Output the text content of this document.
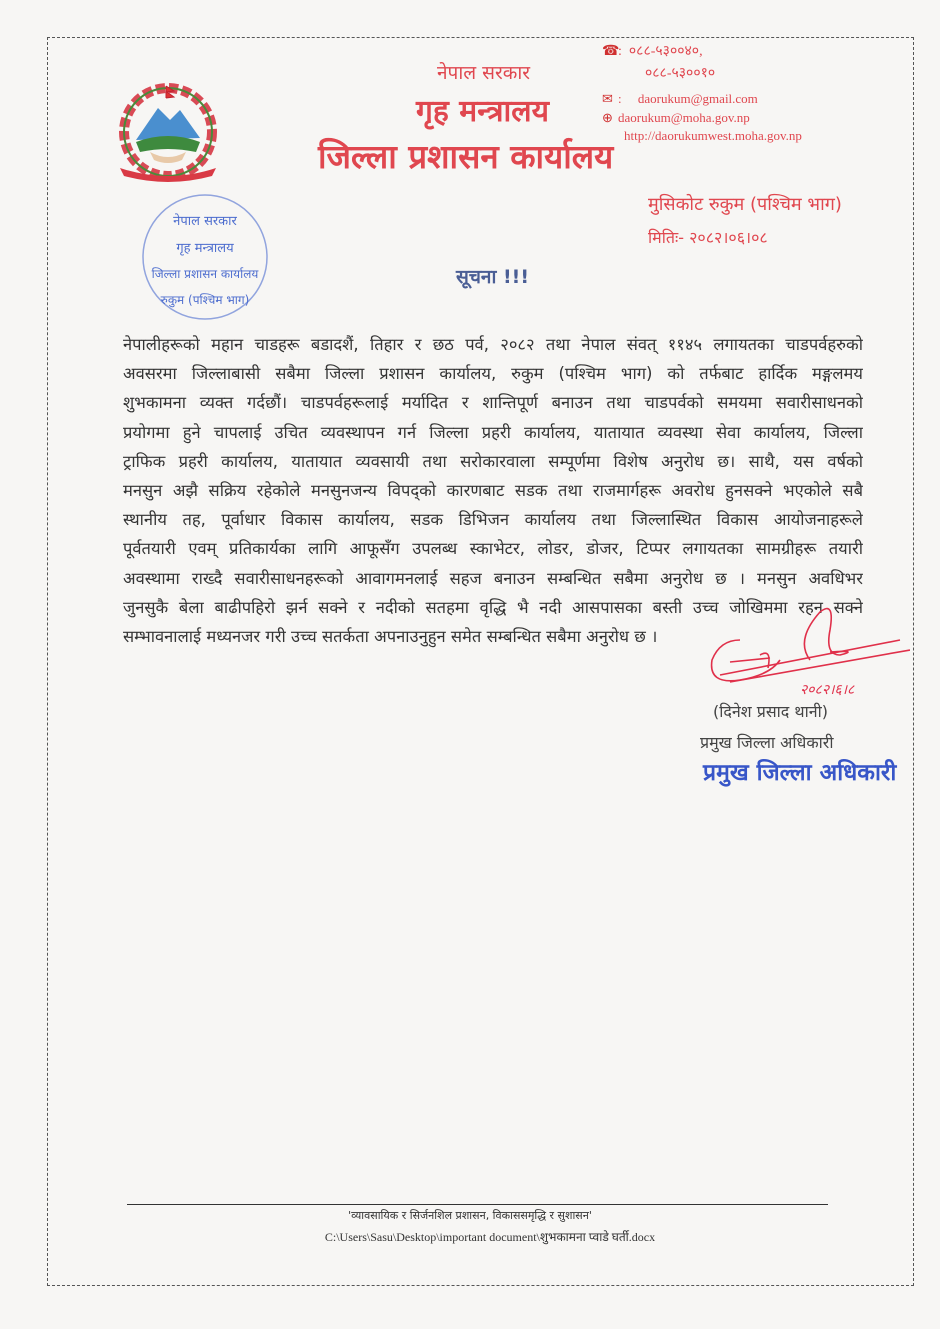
नेपाल सरकार
गृह मन्त्रालय
जिल्ला प्रशासन कार्यालय
नेपाल सरकार
गृह मन्त्रालय
जिल्ला प्रशासन कार्यालय
रुकुम (पश्चिम भाग)
☎:  ०८८-५३००४०,
०८८-५३००१०
✉ :     daorukum@gmail.com
⊕ daorukum@moha.gov.np
http://daorukumwest.moha.gov.np
मुसिकोट रुकुम (पश्चिम भाग)
मितिः- २०८२।०६।०८
सूचना !!!
नेपालीहरूको महान चाडहरू बडादशैं, तिहार र छठ पर्व, २०८२ तथा नेपाल संवत् ११४५ लगायतका चाडपर्वहरुको
अवसरमा जिल्लाबासी सबैमा जिल्ला प्रशासन कार्यालय, रुकुम (पश्चिम भाग) को तर्फबाट हार्दिक मङ्गलमय
शुभकामना व्यक्त गर्दछौं। चाडपर्वहरूलाई मर्यादित र शान्तिपूर्ण बनाउन तथा चाडपर्वको समयमा सवारीसाधनको
प्रयोगमा हुने चापलाई उचित व्यवस्थापन गर्न जिल्ला प्रहरी कार्यालय, यातायात व्यवस्था सेवा कार्यालय, जिल्ला
ट्राफिक प्रहरी कार्यालय, यातायात व्यवसायी तथा सरोकारवाला सम्पूर्णमा विशेष अनुरोध छ। साथै, यस वर्षको
मनसुन अझै सक्रिय रहेकोले मनसुनजन्य विपद्को कारणबाट सडक तथा राजमार्गहरू अवरोध हुनसक्ने भएकोले सबै
स्थानीय तह, पूर्वाधार विकास कार्यालय, सडक डिभिजन कार्यालय तथा जिल्लास्थित विकास आयोजनाहरूले
पूर्वतयारी एवम् प्रतिकार्यका लागि आफूसँग उपलब्ध स्काभेटर, लोडर, डोजर, टिप्पर लगायतका सामग्रीहरू तयारी
अवस्थामा राख्दै सवारीसाधनहरूको आवागमनलाई सहज बनाउन सम्बन्धित सबैमा अनुरोध छ । मनसुन अवधिभर
जुनसुकै बेला बाढीपहिरो झर्न सक्ने र नदीको सतहमा वृद्धि भै नदी आसपासका बस्ती उच्च जोखिममा रहन सक्ने
सम्भावनालाई मध्यनजर गरी उच्च सतर्कता अपनाउनुहुन समेत सम्बन्धित सबैमा अनुरोध छ ।
२०८२।६।८
(दिनेश प्रसाद थानी)
प्रमुख जिल्ला अधिकारी
प्रमुख जिल्ला अधिकारी
'व्यावसायिक र सिर्जनशिल प्रशासन, विकाससमृद्धि र सुशासन'
C:\Users\Sasu\Desktop\important document\शुभकामना प्वाडे घर्ती.docx
